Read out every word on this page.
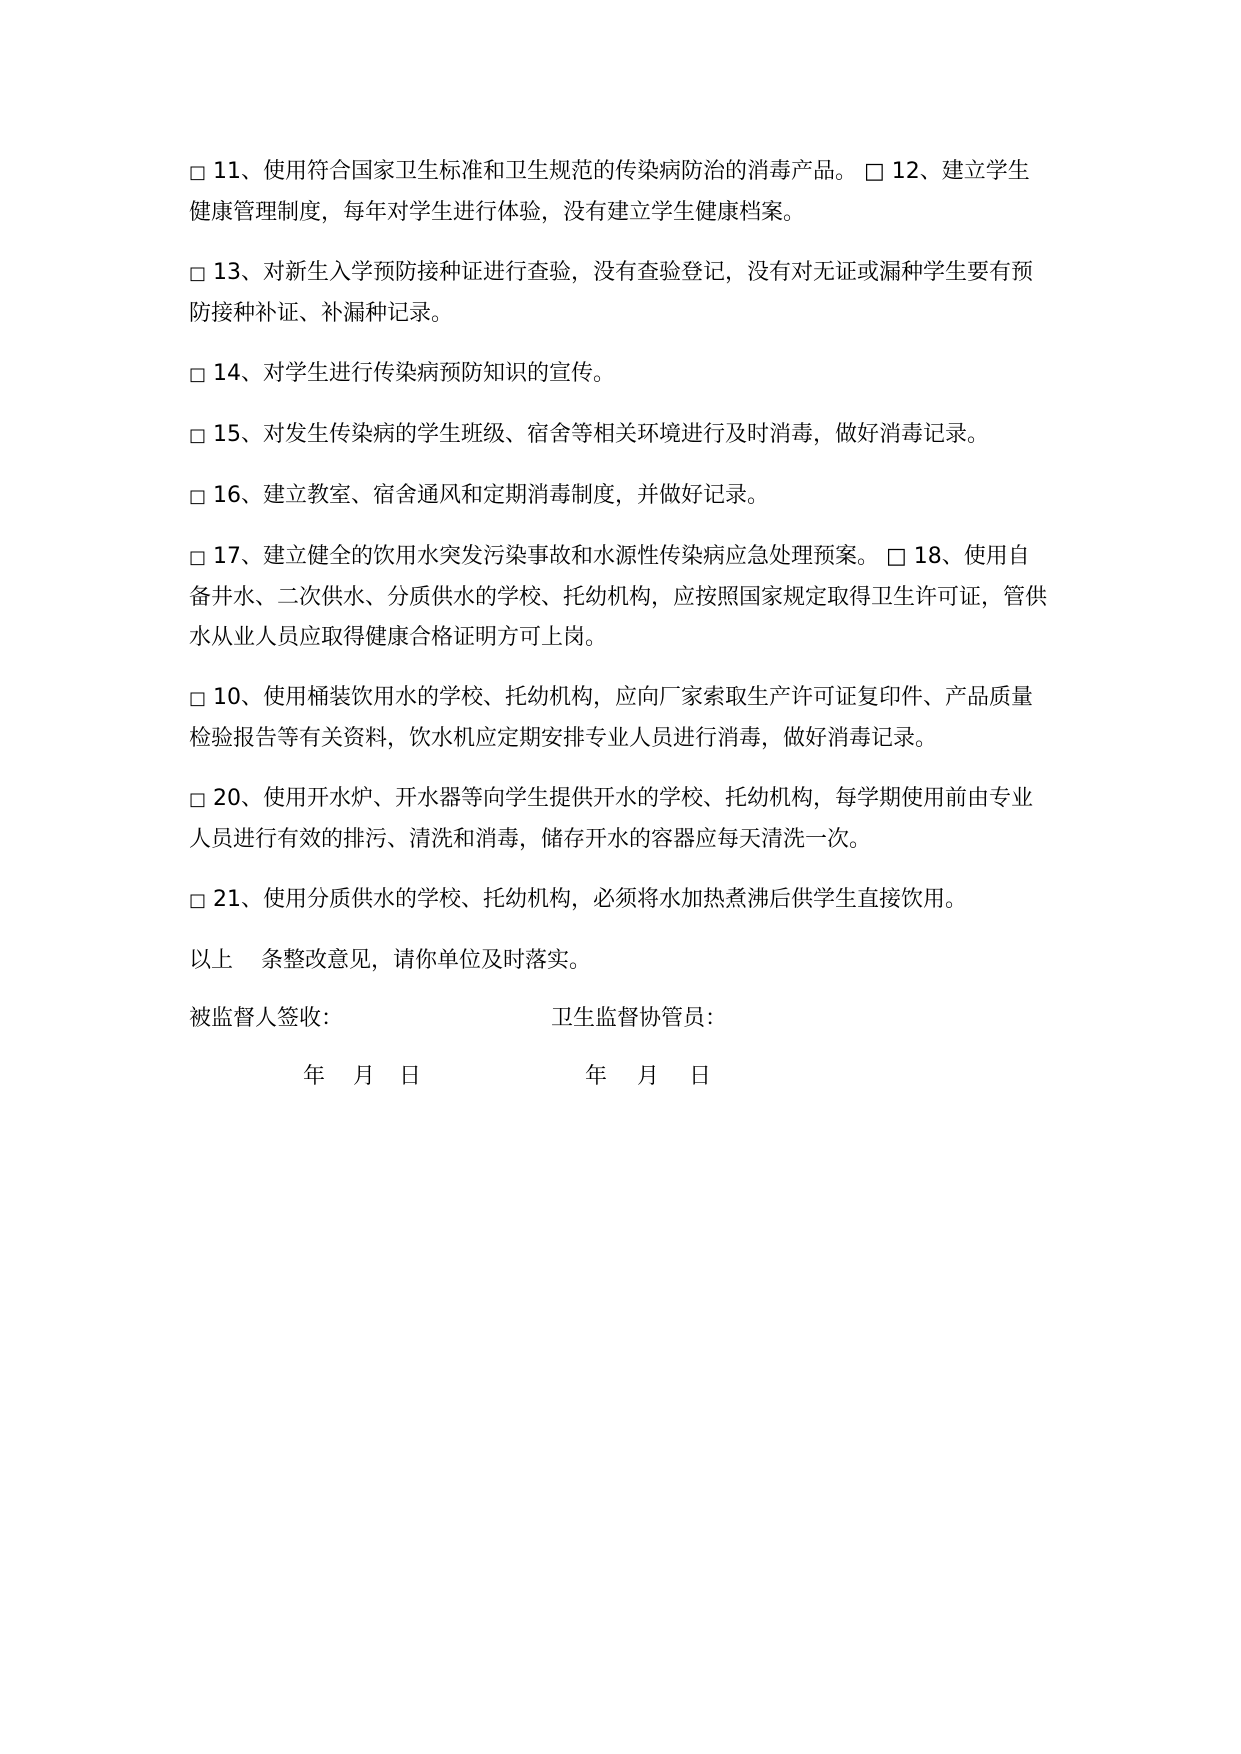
□ 11、使用符合国家卫生标准和卫生规范的传染病防治的消毒产品。 □ 12、建立学生健康管理制度，每年对学生进行体验，没有建立学生健康档案。

□ 13、对新生入学预防接种证进行查验，没有查验登记，没有对无证或漏种学生要有预防接种补证、补漏种记录。

□ 14、对学生进行传染病预防知识的宣传。

□ 15、对发生传染病的学生班级、宿舍等相关环境进行及时消毒，做好消毒记录。

□ 16、建立教室、宿舍通风和定期消毒制度，并做好记录。

□ 17、建立健全的饮用水突发污染事故和水源性传染病应急处理预案。 □ 18、使用自备井水、二次供水、分质供水的学校、托幼机构，应按照国家规定取得卫生许可证，管供水从业人员应取得健康合格证明方可上岗。

□ 10、使用桶装饮用水的学校、托幼机构，应向厂家索取生产许可证复印件、产品质量检验报告等有关资料，饮水机应定期安排专业人员进行消毒，做好消毒记录。

□ 20、使用开水炉、开水器等向学生提供开水的学校、托幼机构，每学期使用前由专业人员进行有效的排污、清洗和消毒，储存开水的容器应每天清洗一次。

□ 21、使用分质供水的学校、托幼机构，必须将水加热煮沸后供学生直接饮用。

以上 条整改意见，请你单位及时落实。

被监督人签收：	卫生监督协管员：
年 月 日	年 月 日
